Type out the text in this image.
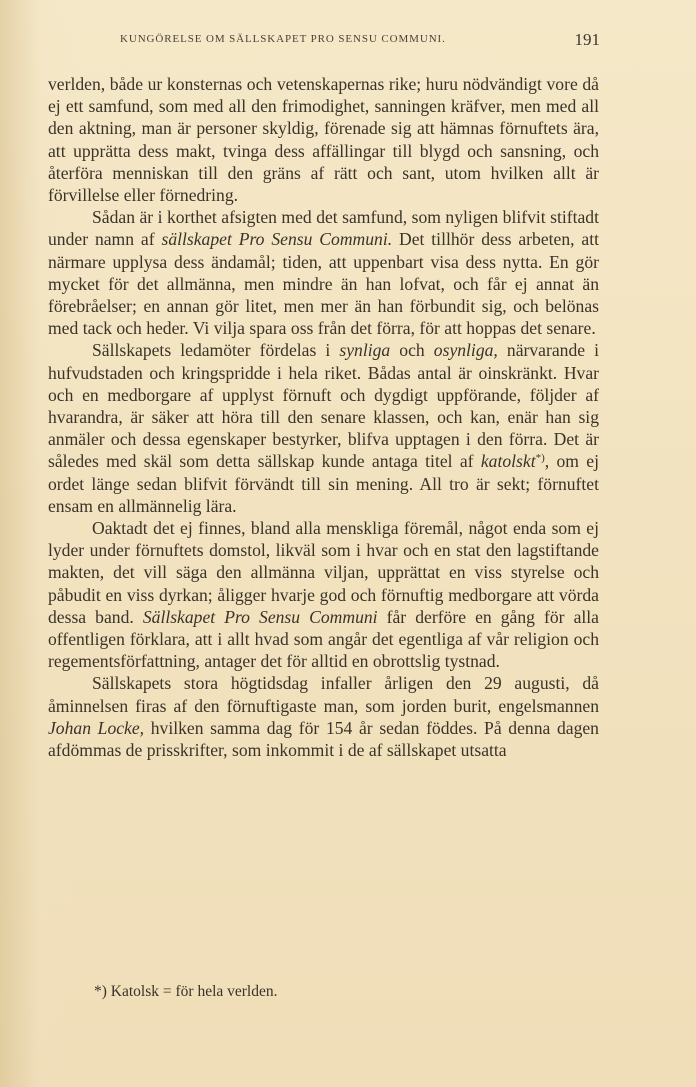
KUNGÖRELSE OM SÄLLSKAPET PRO SENSU COMMUNI.	191

verlden, både ur konsternas och vetenskapernas rike; huru nödvändigt vore då ej ett samfund, som med all den frimodighet, sanningen kräfver, men med all den aktning, man är personer skyldig, förenade sig att hämnas förnuftets ära, att upprätta dess makt, tvinga dess affällingar till blygd och sansning, och återföra menniskan till den gräns af rätt och sant, utom hvilken allt är förvillelse eller förnedring.

Sådan är i korthet afsigten med det samfund, som nyligen blifvit stiftadt under namn af sällskapet Pro Sensu Communi. Det tillhör dess arbeten, att närmare upplysa dess ändamål; tiden, att uppenbart visa dess nytta. En gör mycket för det allmänna, men mindre än han lofvat, och får ej annat än förebråelser; en annan gör litet, men mer än han förbundit sig, och belönas med tack och heder. Vi vilja spara oss från det förra, för att hoppas det senare.

Sällskapets ledamöter fördelas i synliga och osynliga, närvarande i hufvudstaden och kringspridde i hela riket. Bådas antal är oinskränkt. Hvar och en medborgare af upplyst förnuft och dygdigt uppförande, följder af hvarandra, är säker att höra till den senare klassen, och kan, enär han sig anmäler och dessa egenskaper bestyrker, blifva upptagen i den förra. Det är således med skäl som detta sällskap kunde antaga titel af katolskt*), om ej ordet länge sedan blifvit förvändt till sin mening. All tro är sekt; förnuftet ensam en allmännelig lära.

Oaktadt det ej finnes, bland alla menskliga föremål, något enda som ej lyder under förnuftets domstol, likväl som i hvar och en stat den lagstiftande makten, det vill säga den allmänna viljan, upprättat en viss styrelse och påbudit en viss dyrkan; åligger hvarje god och förnuftig medborgare att vörda dessa band. Sällskapet Pro Sensu Communi får derföre en gång för alla offentligen förklara, att i allt hvad som angår det egentliga af vår religion och regementsförfattning, antager det för alltid en obrottslig tystnad.

Sällskapets stora högtidsdag infaller årligen den 29 augusti, då åminnelsen firas af den förnuftigaste man, som jorden burit, engelsmannen Johan Locke, hvilken samma dag för 154 år sedan föddes. På denna dagen afdömmas de prisskrifter, som inkommit i de af sällskapet utsatta

*) Katolsk = för hela verlden.
